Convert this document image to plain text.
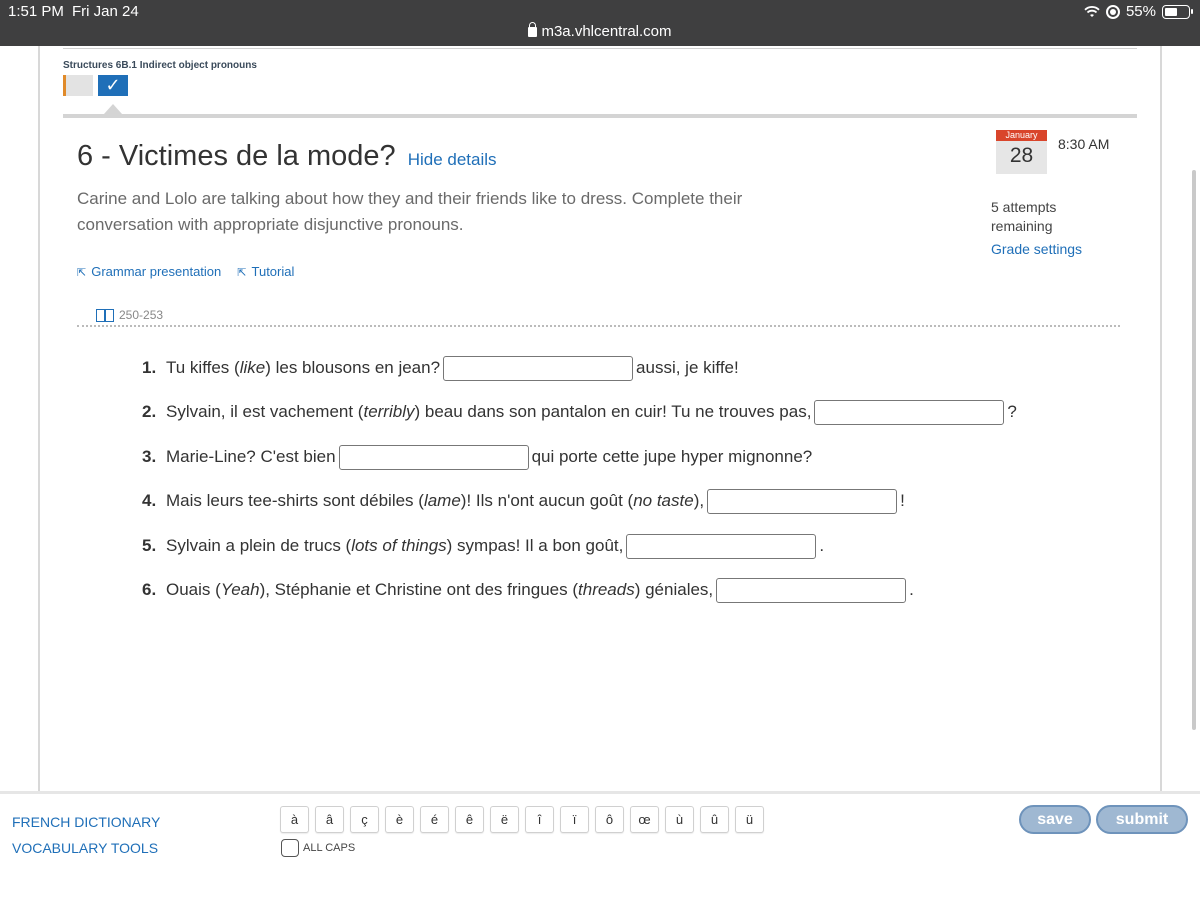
1:51 PM Fri Jan 24	55%
m3a.vhlcentral.com
Structures 6B.1 Indirect object pronouns
✓
6 - Victimes de la mode? Hide details
Carine and Lolo are talking about how they and their friends like to dress. Complete their conversation with appropriate disjunctive pronouns.
⇱ Grammar presentation ⇱ Tutorial
250-253
January
28	8:30 AM
5 attempts remaining
Grade settings
1. Tu kiffes ( like ) les blousons en jean?	aussi, je kiffe!
2. Sylvain, il est vachement ( terribly ) beau dans son pantalon en cuir! Tu ne trouves pas,	?
3. Marie-Line? C'est bien	qui porte cette jupe hyper mignonne?
4. Mais leurs tee-shirts sont débiles ( lame )! Ils n'ont aucun goût ( no taste ),	!
5. Sylvain a plein de trucs ( lots of things ) sympas! Il a bon goût,	.
6. Ouais ( Yeah ), Stéphanie et Christine ont des fringues ( threads ) géniales,	.
FRENCH DICTIONARY
VOCABULARY TOOLS
à	â	ç	è	é	ê	ë	î	ï	ô	œ	ù	û	ü
ALL CAPS
save	submit
